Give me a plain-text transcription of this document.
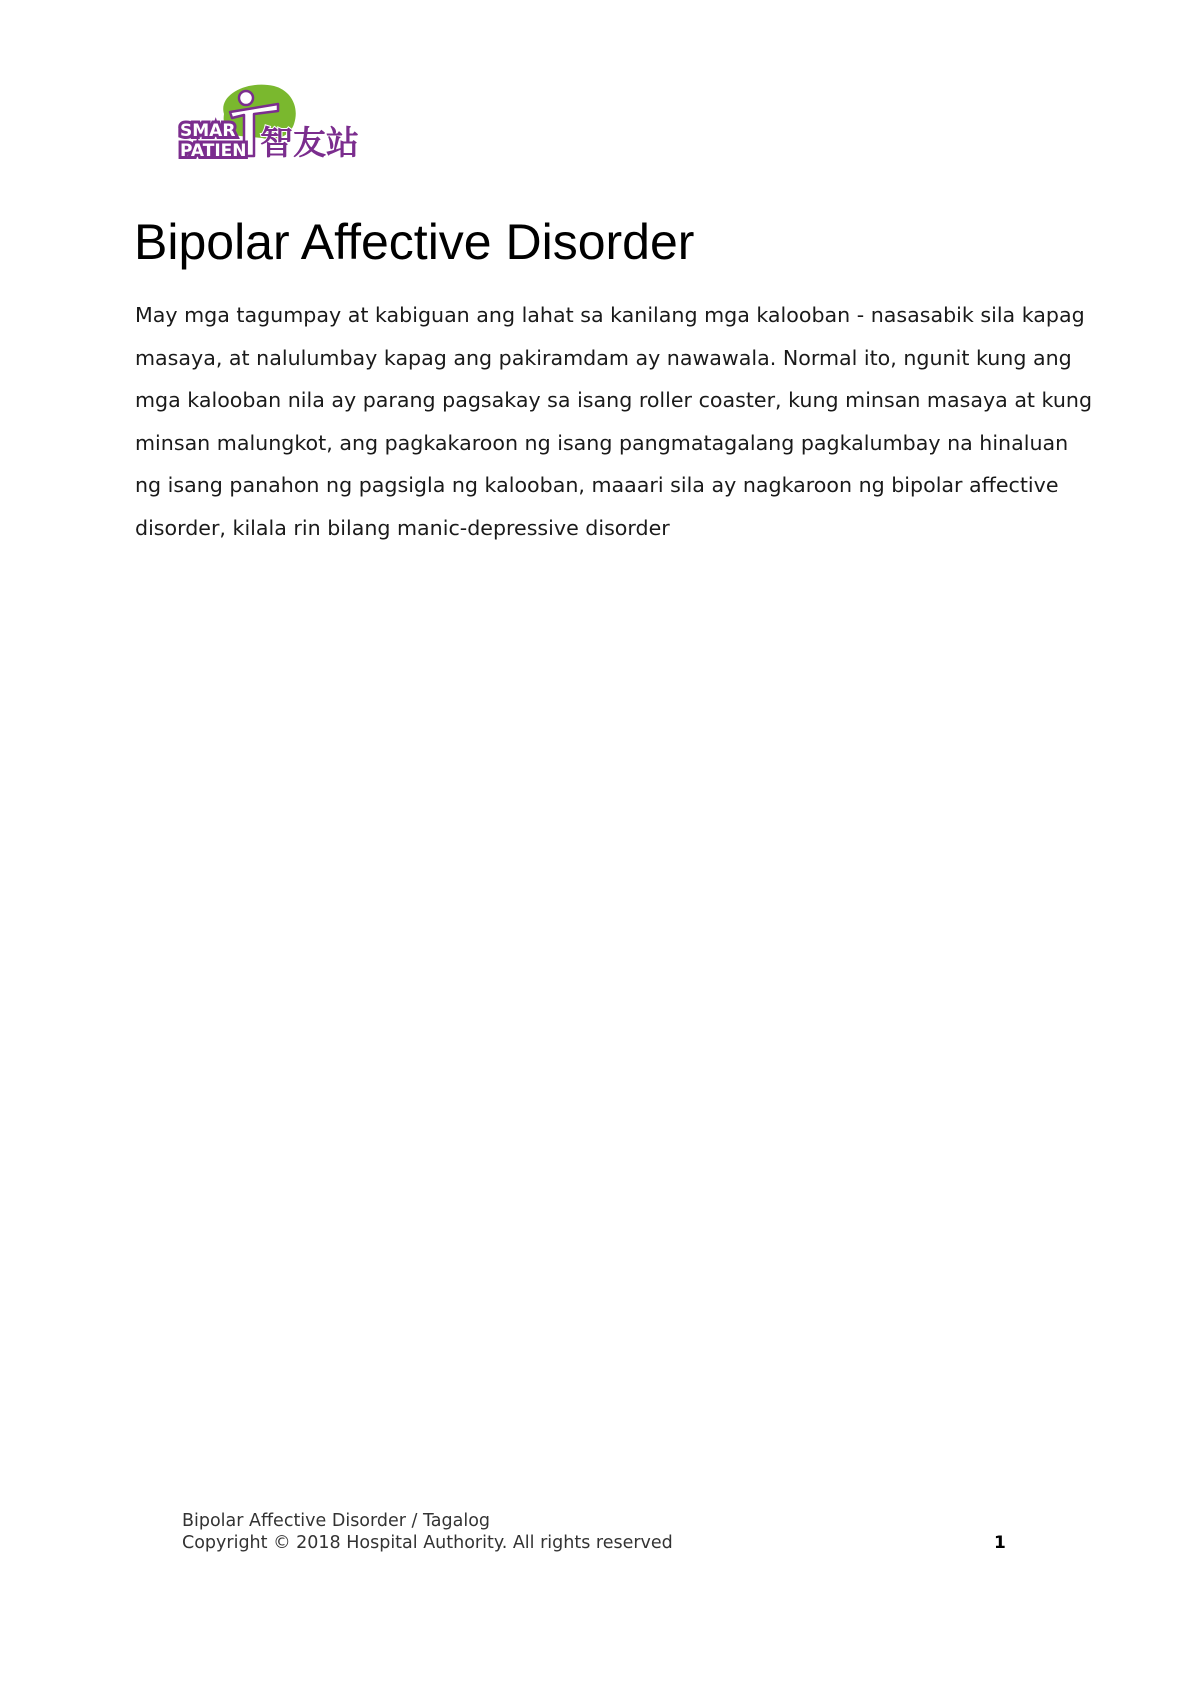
SMAR
PATIEN 智友站
Bipolar Affective Disorder

May mga tagumpay at kabiguan ang lahat sa kanilang mga kalooban - nasasabik sila kapag masaya, at nalulumbay kapag ang pakiramdam ay nawawala. Normal ito, ngunit kung ang mga kalooban nila ay parang pagsakay sa isang roller coaster, kung minsan masaya at kung minsan malungkot, ang pagkakaroon ng isang pangmatagalang pagkalumbay na hinaluan ng isang panahon ng pagsigla ng kalooban, maaari sila ay nagkaroon ng bipolar affective disorder, kilala rin bilang manic-depressive disorder

Bipolar Affective Disorder / Tagalog
Copyright © 2018 Hospital Authority. All rights reserved	1
